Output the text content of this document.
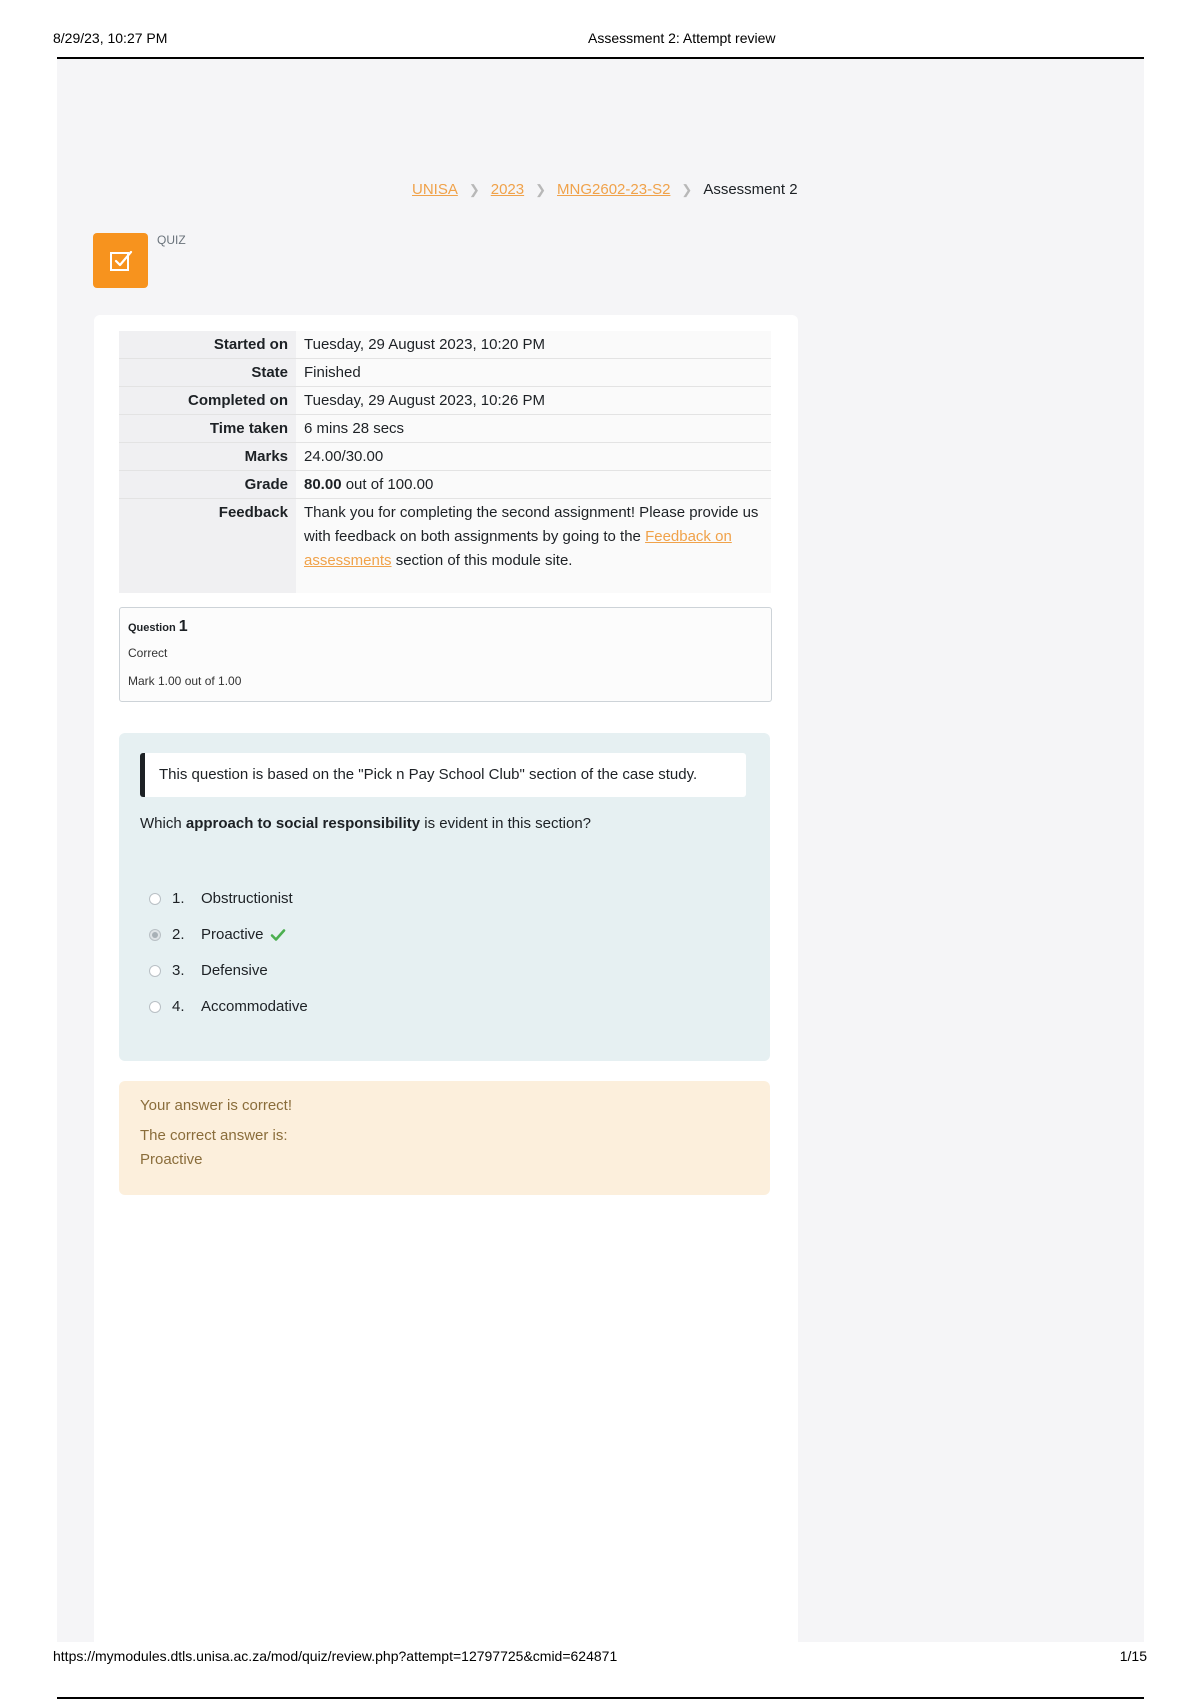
8/29/23, 10:27 PM	Assessment 2: Attempt review
UNISA ❯ 2023 ❯ MNG2602-23-S2 ❯ Assessment 2
QUIZ
Started on	Tuesday, 29 August 2023, 10:20 PM
State	Finished
Completed on	Tuesday, 29 August 2023, 10:26 PM
Time taken	6 mins 28 secs
Marks	24.00/30.00
Grade	80.00 out of 100.00
Feedback	Thank you for completing the second assignment! Please provide us with feedback on both assignments by going to the Feedback on assessments section of this module site.
Question 1
Correct
Mark 1.00 out of 1.00
This question is based on the "Pick n Pay School Club" section of the case study.
Which approach to social responsibility is evident in this section?
1.	Obstructionist
2.	Proactive
3.	Defensive
4.	Accommodative
Your answer is correct!
The correct answer is:
Proactive
https://mymodules.dtls.unisa.ac.za/mod/quiz/review.php?attempt=12797725&cmid=624871	1/15
